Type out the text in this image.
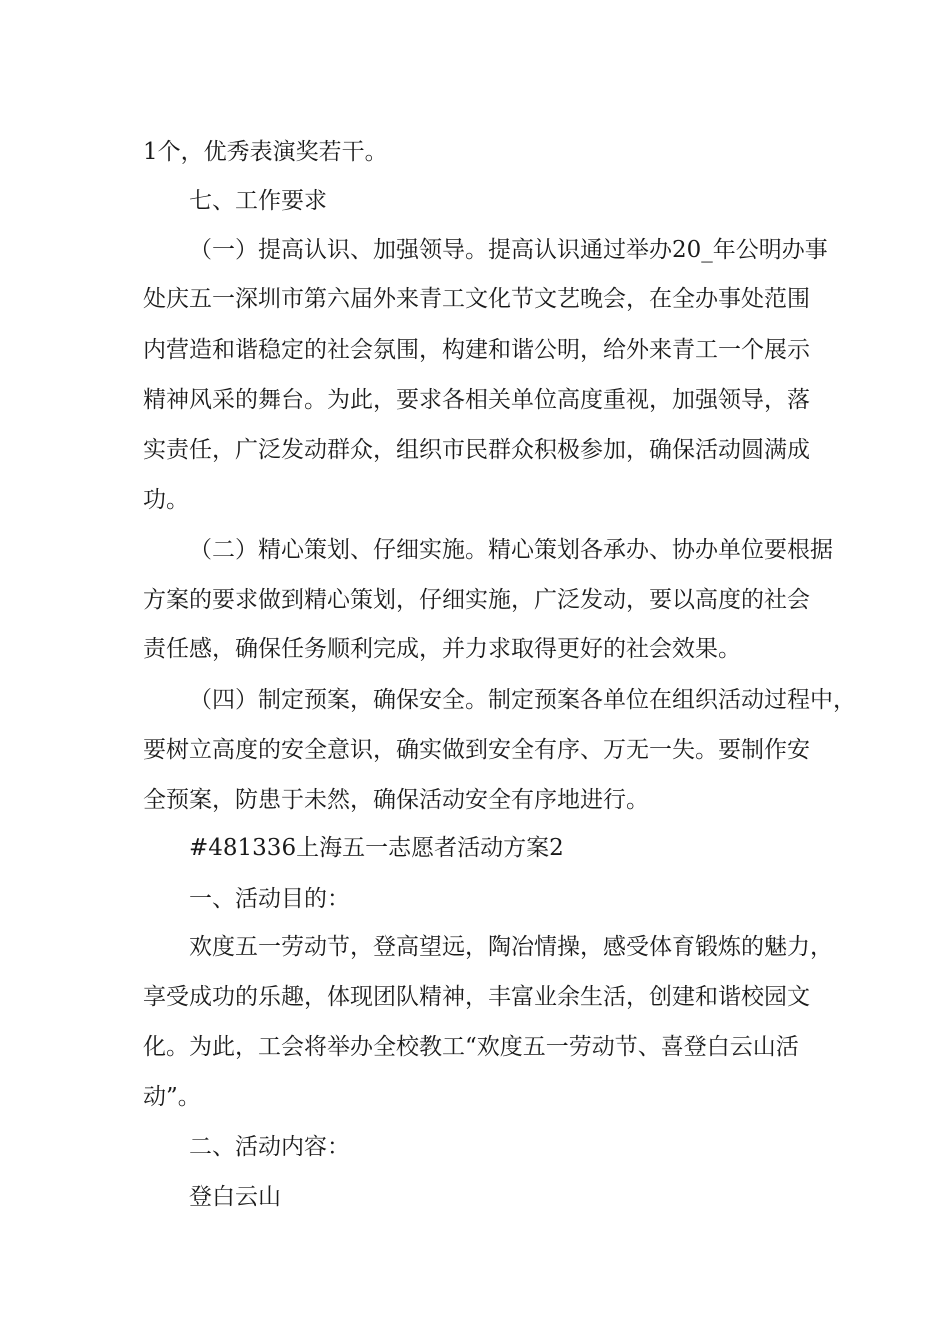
1个，优秀表演奖若干。
七、工作要求
（一）提高认识、加强领导。提高认识通过举办20_年公明办事
处庆五一深圳市第六届外来青工文化节文艺晚会，在全办事处范围
内营造和谐稳定的社会氛围，构建和谐公明，给外来青工一个展示
精神风采的舞台。为此，要求各相关单位高度重视，加强领导，落
实责任，广泛发动群众，组织市民群众积极参加，确保活动圆满成
功。
（二）精心策划、仔细实施。精心策划各承办、协办单位要根据
方案的要求做到精心策划，仔细实施，广泛发动，要以高度的社会
责任感，确保任务顺利完成，并力求取得更好的社会效果。
（四）制定预案，确保安全。制定预案各单位在组织活动过程中，
要树立高度的安全意识，确实做到安全有序、万无一失。要制作安
全预案，防患于未然，确保活动安全有序地进行。
#481336上海五一志愿者活动方案2
一、活动目的：
欢度五一劳动节，登高望远，陶冶情操，感受体育锻炼的魅力，
享受成功的乐趣，体现团队精神，丰富业余生活，创建和谐校园文
化。为此，工会将举办全校教工“欢度五一劳动节、喜登白云山活
动”。
二、活动内容：
登白云山
